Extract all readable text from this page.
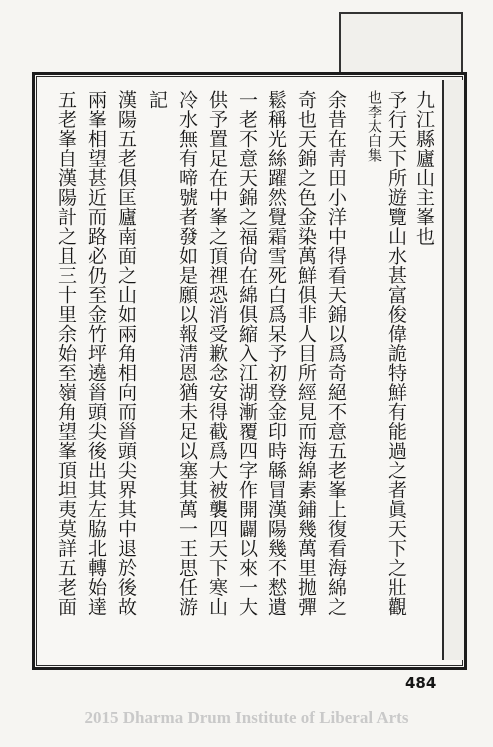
九江縣廬山主峯也
予行天下所遊覽山水甚富俊偉詭特鮮有能過之者眞天下之壯觀
也李太白集
余昔在靑田小洋中得看天錦以爲奇絕不意五老峯上復看海綿之
奇也天錦之色金染萬鮮俱非人目所經見而海綿素鋪幾萬里拋彈
鬆稱光絲躍然覺霜雪死白爲呆予初登金印時緜冒漢陽幾不慭遺
一老不意天錦之福尙在綿俱縮入江湖漸覆四字作開闢以來一大
供予置足在中峯之頂𥚃恐消受歉念安得截爲大被襲四天下寒山
冷水無有啼號者發如是願以報淸恩猶未足以塞其萬一王思任游
記
漢陽五老俱匡廬南面之山如兩角相向而𩠐頭尖界其中退於後故
兩峯相望甚近而路必仍至金竹坪遶𩠐頭尖後出其左脇北轉始達
五老峯自漢陽計之且三十里余始至嶺角望峯頂坦夷莫詳五老面
484
2015 Dharma Drum Institute of Liberal Arts
